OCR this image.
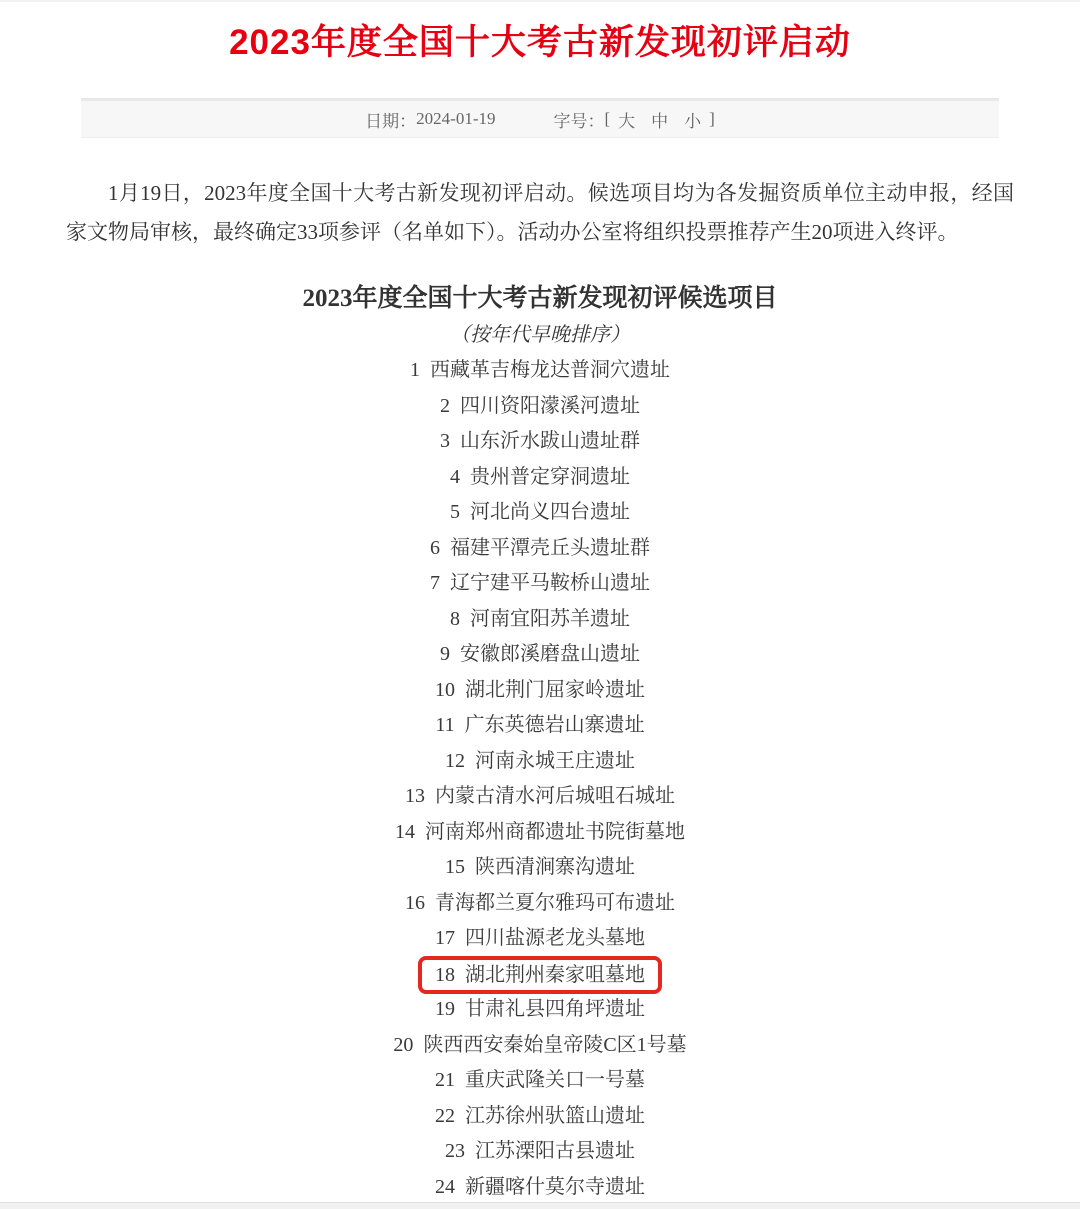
2023年度全国十大考古新发现初评启动
日期： 2024-01-19	字号： [ 大 中 小 ]

1月19日，2023年度全国十大考古新发现初评启动。候选项目均为各发掘资质单位主动申报，经国家文物局审核，最终确定33项参评（名单如下）。活动办公室将组织投票推荐产生20项进入终评。

2023年度全国十大考古新发现初评候选项目
（按年代早晚排序）
1 西藏革吉梅龙达普洞穴遗址
2 四川资阳濛溪河遗址
3 山东沂水跋山遗址群
4 贵州普定穿洞遗址
5 河北尚义四台遗址
6 福建平潭壳丘头遗址群
7 辽宁建平马鞍桥山遗址
8 河南宜阳苏羊遗址
9 安徽郎溪磨盘山遗址
10 湖北荆门屈家岭遗址
11 广东英德岩山寨遗址
12 河南永城王庄遗址
13 内蒙古清水河后城咀石城址
14 河南郑州商都遗址书院街墓地
15 陕西清涧寨沟遗址
16 青海都兰夏尔雅玛可布遗址
17 四川盐源老龙头墓地
18 湖北荆州秦家咀墓地
19 甘肃礼县四角坪遗址
20 陕西西安秦始皇帝陵C区1号墓
21 重庆武隆关口一号墓
22 江苏徐州驮篮山遗址
23 江苏溧阳古县遗址
24 新疆喀什莫尔寺遗址
